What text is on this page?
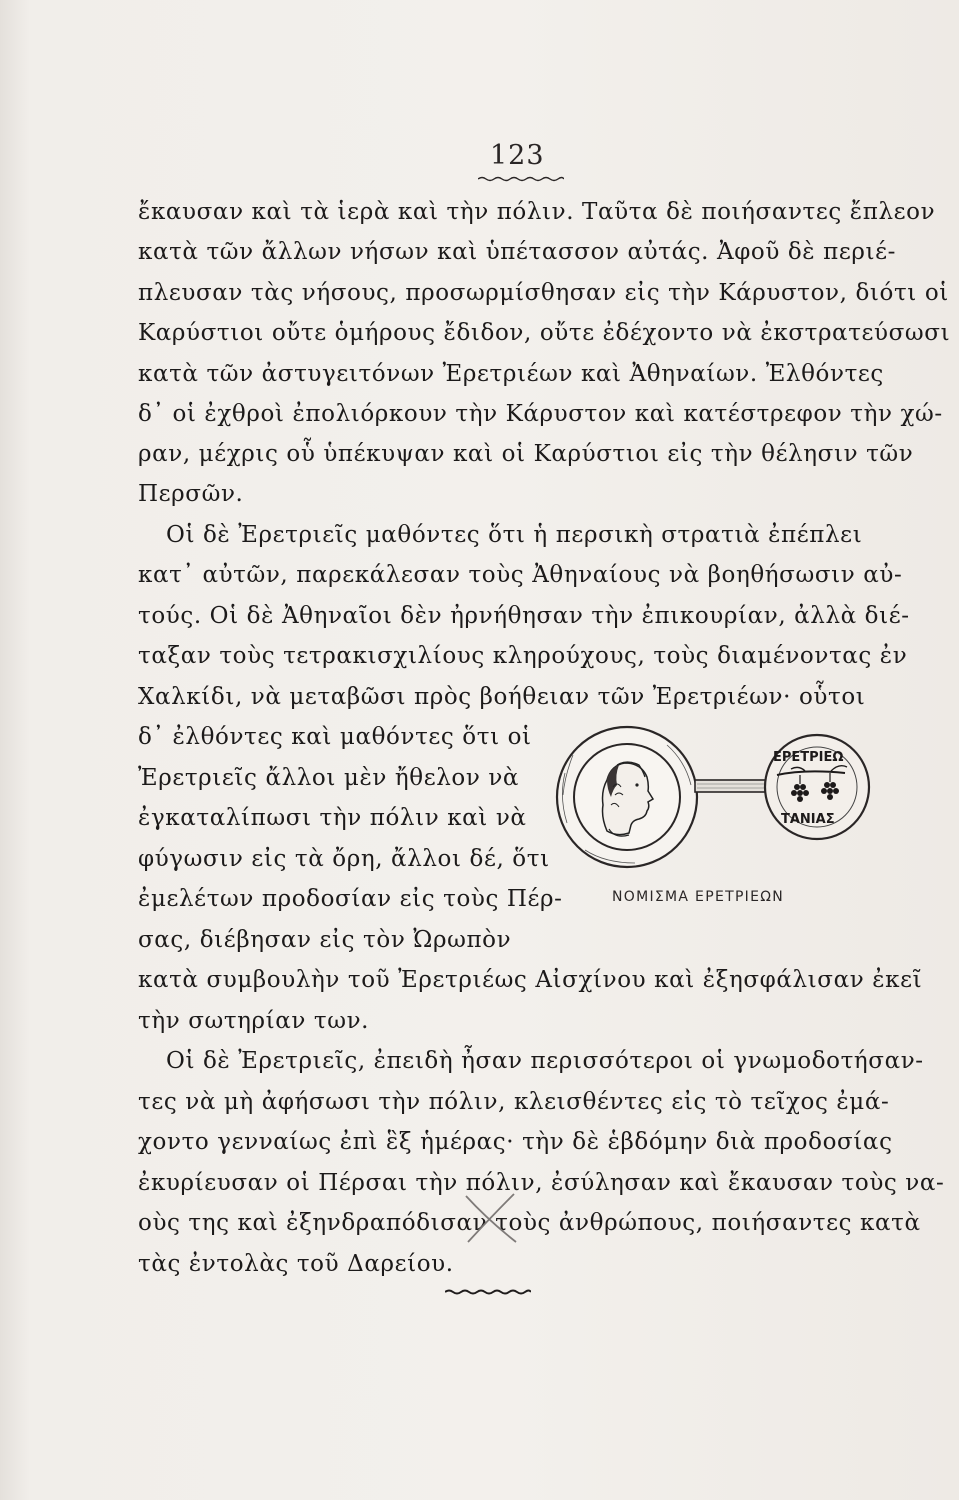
123
ἔκαυσαν καὶ τὰ ἱερὰ καὶ τὴν πόλιν. Ταῦτα δὲ ποιήσαντες ἔπλεον
κατὰ τῶν ἄλλων νήσων καὶ ὑπέτασσον αὐτάς. Ἀφοῦ δὲ περιέ-
πλευσαν τὰς νήσους, προσωρμίσθησαν εἰς τὴν Κάρυστον, διότι οἱ
Καρύστιοι οὔτε ὁμήρους ἔδιδον, οὔτε ἐδέχοντο νὰ ἐκστρατεύσωσι
κατὰ τῶν ἀστυγειτόνων Ἐρετριέων καὶ Ἀθηναίων. Ἐλθόντες
δ᾽ οἱ ἐχθροὶ ἐπολιόρκουν τὴν Κάρυστον καὶ κατέστρεφον τὴν χώ-
ραν, μέχρις οὗ ὑπέκυψαν καὶ οἱ Καρύστιοι εἰς τὴν θέλησιν τῶν
Περσῶν.
Οἱ δὲ Ἐρετριεῖς μαθόντες ὅτι ἡ περσικὴ στρατιὰ ἐπέπλει
κατ᾽ αὐτῶν, παρεκάλεσαν τοὺς Ἀθηναίους νὰ βοηθήσωσιν αὐ-
τούς. Οἱ δὲ Ἀθηναῖοι δὲν ἠρνήθησαν τὴν ἐπικουρίαν, ἀλλὰ διέ-
ταξαν τοὺς τετρακισχιλίους κληρούχους, τοὺς διαμένοντας ἐν
Χαλκίδι, νὰ μεταβῶσι πρὸς βοήθειαν τῶν Ἐρετριέων· οὗτοι
δ᾽ ἐλθόντες καὶ μαθόντες ὅτι οἱ
Ἐρετριεῖς ἄλλοι μὲν ἤθελον νὰ
ἐγκαταλίπωσι τὴν πόλιν καὶ νὰ
φύγωσιν εἰς τὰ ὄρη, ἄλλοι δέ, ὅτι
ἐμελέτων προδοσίαν εἰς τοὺς Πέρ-
σας, διέβησαν εἰς τὸν Ὠρωπὸν
κατὰ συμβουλὴν τοῦ Ἐρετριέως Αἰσχίνου καὶ ἐξησφάλισαν ἐκεῖ
τὴν σωτηρίαν των.
Οἱ δὲ Ἐρετριεῖς, ἐπειδὴ ἦσαν περισσότεροι οἱ γνωμοδοτήσαν-
τες νὰ μὴ ἀφήσωσι τὴν πόλιν, κλεισθέντες εἰς τὸ τεῖχος ἐμά-
χοντο γενναίως ἐπὶ ἓξ ἡμέρας· τὴν δὲ ἑβδόμην διὰ προδοσίας
ἐκυρίευσαν οἱ Πέρσαι τὴν πόλιν, ἐσύλησαν καὶ ἔκαυσαν τοὺς να-
οὺς της καὶ ἐξηνδραπόδισαν τοὺς ἀνθρώπους, ποιήσαντες κατὰ
τὰς ἐντολὰς τοῦ Δαρείου.
ΕΡΕΤΡΙΕΩ
ΤΑΝΙΑΣ
ΝΟΜΙΣΜΑ ΕΡΕΤΡΙΕΩΝ
